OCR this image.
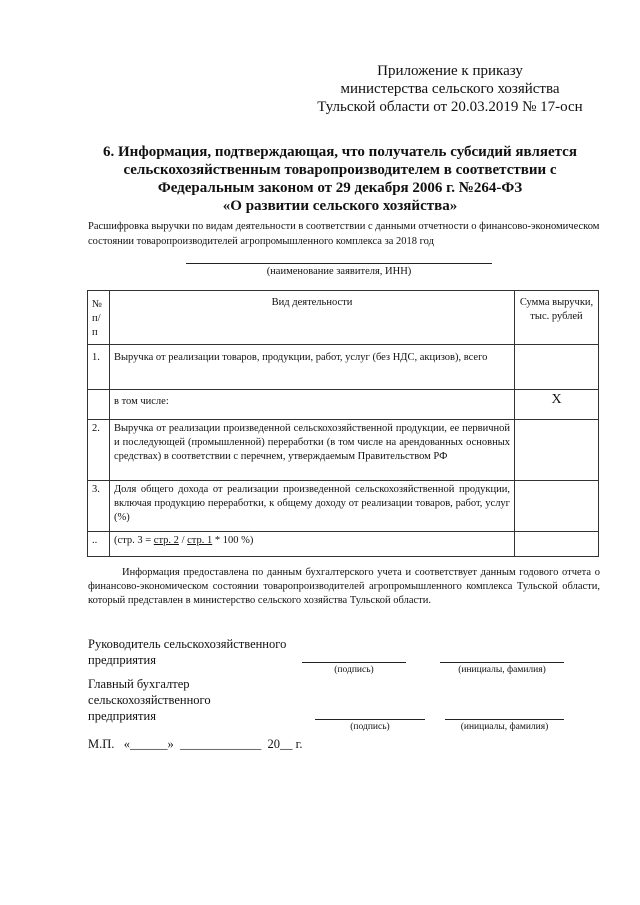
Приложение к приказу
министерства сельского хозяйства
Тульской области от 20.03.2019 № 17-осн
6. Информация, подтверждающая, что получатель субсидий является
сельскохозяйственным товаропроизводителем в соответствии с
Федеральным законом от 29 декабря 2006 г. №264-ФЗ
«О развитии сельского хозяйства»
Расшифровка выручки по видам деятельности в соответствии с данными отчетности о финансово-экономическом состоянии товаропроизводителей агропромышленного комплекса за 2018 год
(наименование заявителя, ИНН)
№ п/п	Вид деятельности	Сумма выручки, тыс. рублей
1.	Выручка от реализации товаров, продукции, работ, услуг (без НДС, акцизов), всего	
	в том числе:	X
2.	Выручка от реализации произведенной сельскохозяйственной продукции, ее первичной и последующей (промышленной) переработки (в том числе на арендованных основных средствах) в соответствии с перечнем, утверждаемым Правительством РФ	
3.	Доля общего дохода от реализации произведенной сельскохозяйственной продукции, включая продукцию переработки, к общему доходу от реализации товаров, работ, услуг (%)	
..	(стр. 3 = стр. 2 / стр. 1 * 100 %)	
Информация предоставлена по данным бухгалтерского учета и соответствует данным годового отчета о финансово-экономическом состоянии товаропроизводителей агропромышленного комплекса Тульской области, который представлен в министерство сельского хозяйства Тульской области.
Руководитель сельскохозяйственного
предприятия
(подпись)	(инициалы, фамилия)
Главный бухгалтер
сельскохозяйственного
предприятия
(подпись)	(инициалы, фамилия)
М.П.   «______»  _____________  20__ г.
